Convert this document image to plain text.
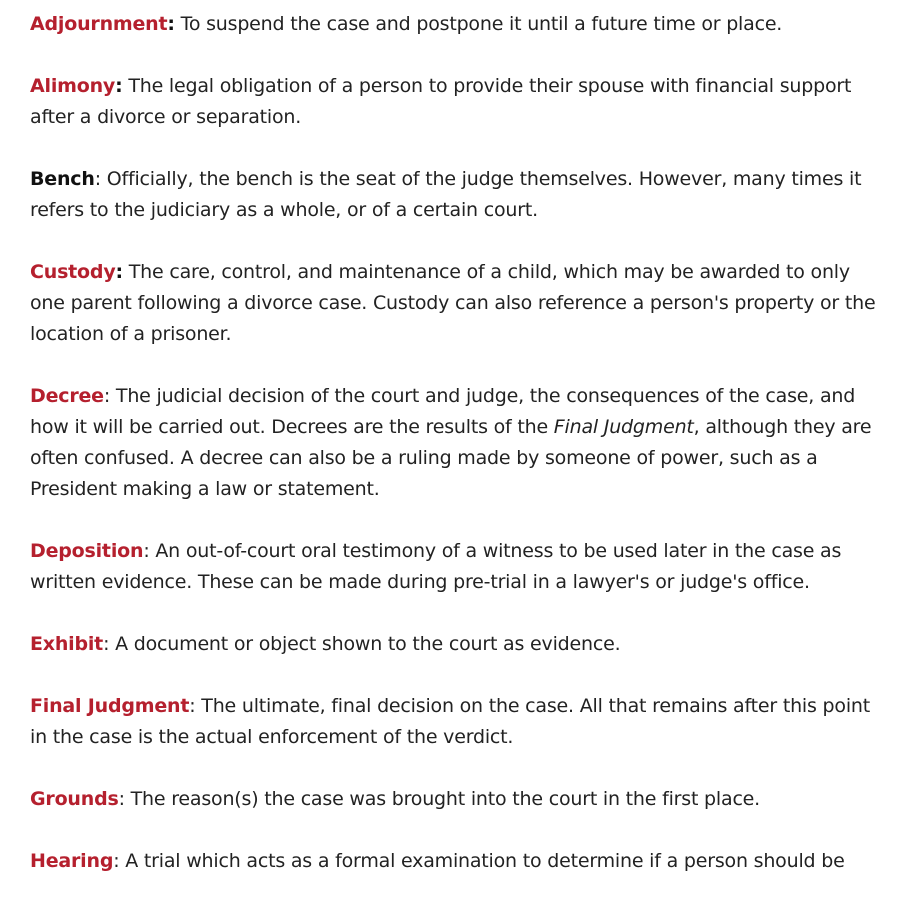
Adjournment: To suspend the case and postpone it until a future time or place.

Alimony: The legal obligation of a person to provide their spouse with financial support after a divorce or separation.

Bench: Officially, the bench is the seat of the judge themselves. However, many times it refers to the judiciary as a whole, or of a certain court.

Custody: The care, control, and maintenance of a child, which may be awarded to only one parent following a divorce case. Custody can also reference a person's property or the location of a prisoner.

Decree: The judicial decision of the court and judge, the consequences of the case, and how it will be carried out. Decrees are the results of the Final Judgment, although they are often confused. A decree can also be a ruling made by someone of power, such as a President making a law or statement.

Deposition: An out-of-court oral testimony of a witness to be used later in the case as written evidence. These can be made during pre-trial in a lawyer's or judge's office.

Exhibit: A document or object shown to the court as evidence.

Final Judgment: The ultimate, final decision on the case. All that remains after this point in the case is the actual enforcement of the verdict.

Grounds: The reason(s) the case was brought into the court in the first place.

Hearing: A trial which acts as a formal examination to determine if a person should be
